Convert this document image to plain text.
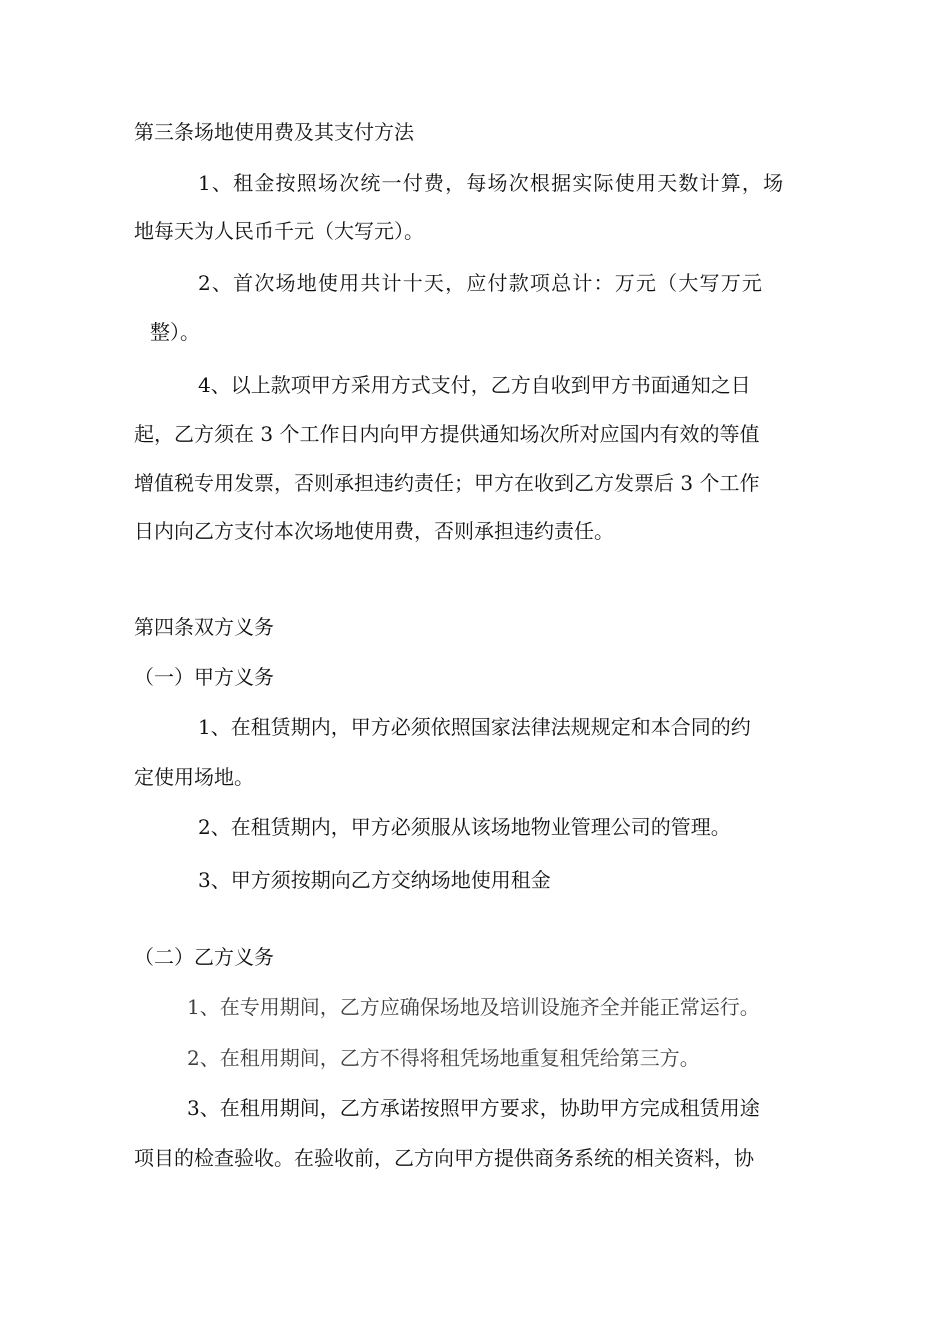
第三条场地使用费及其支付方法
1、租金按照场次统一付费，每场次根据实际使用天数计算，场
地每天为人民币千元（大写元）。
2、首次场地使用共计十天，应付款项总计：万元（大写万元
整）。
4、以上款项甲方采用方式支付，乙方自收到甲方书面通知之日
起，乙方须在 3 个工作日内向甲方提供通知场次所对应国内有效的等值
增值税专用发票，否则承担违约责任；甲方在收到乙方发票后 3 个工作
日内向乙方支付本次场地使用费，否则承担违约责任。
第四条双方义务
（一）甲方义务
1、在租赁期内，甲方必须依照国家法律法规规定和本合同的约
定使用场地。
2、在租赁期内，甲方必须服从该场地物业管理公司的管理。
3、甲方须按期向乙方交纳场地使用租金
（二）乙方义务
1、在专用期间，乙方应确保场地及培训设施齐全并能正常运行。
2、在租用期间，乙方不得将租凭场地重复租凭给第三方。
3、在租用期间，乙方承诺按照甲方要求，协助甲方完成租赁用途
项目的检查验收。在验收前，乙方向甲方提供商务系统的相关资料，协
